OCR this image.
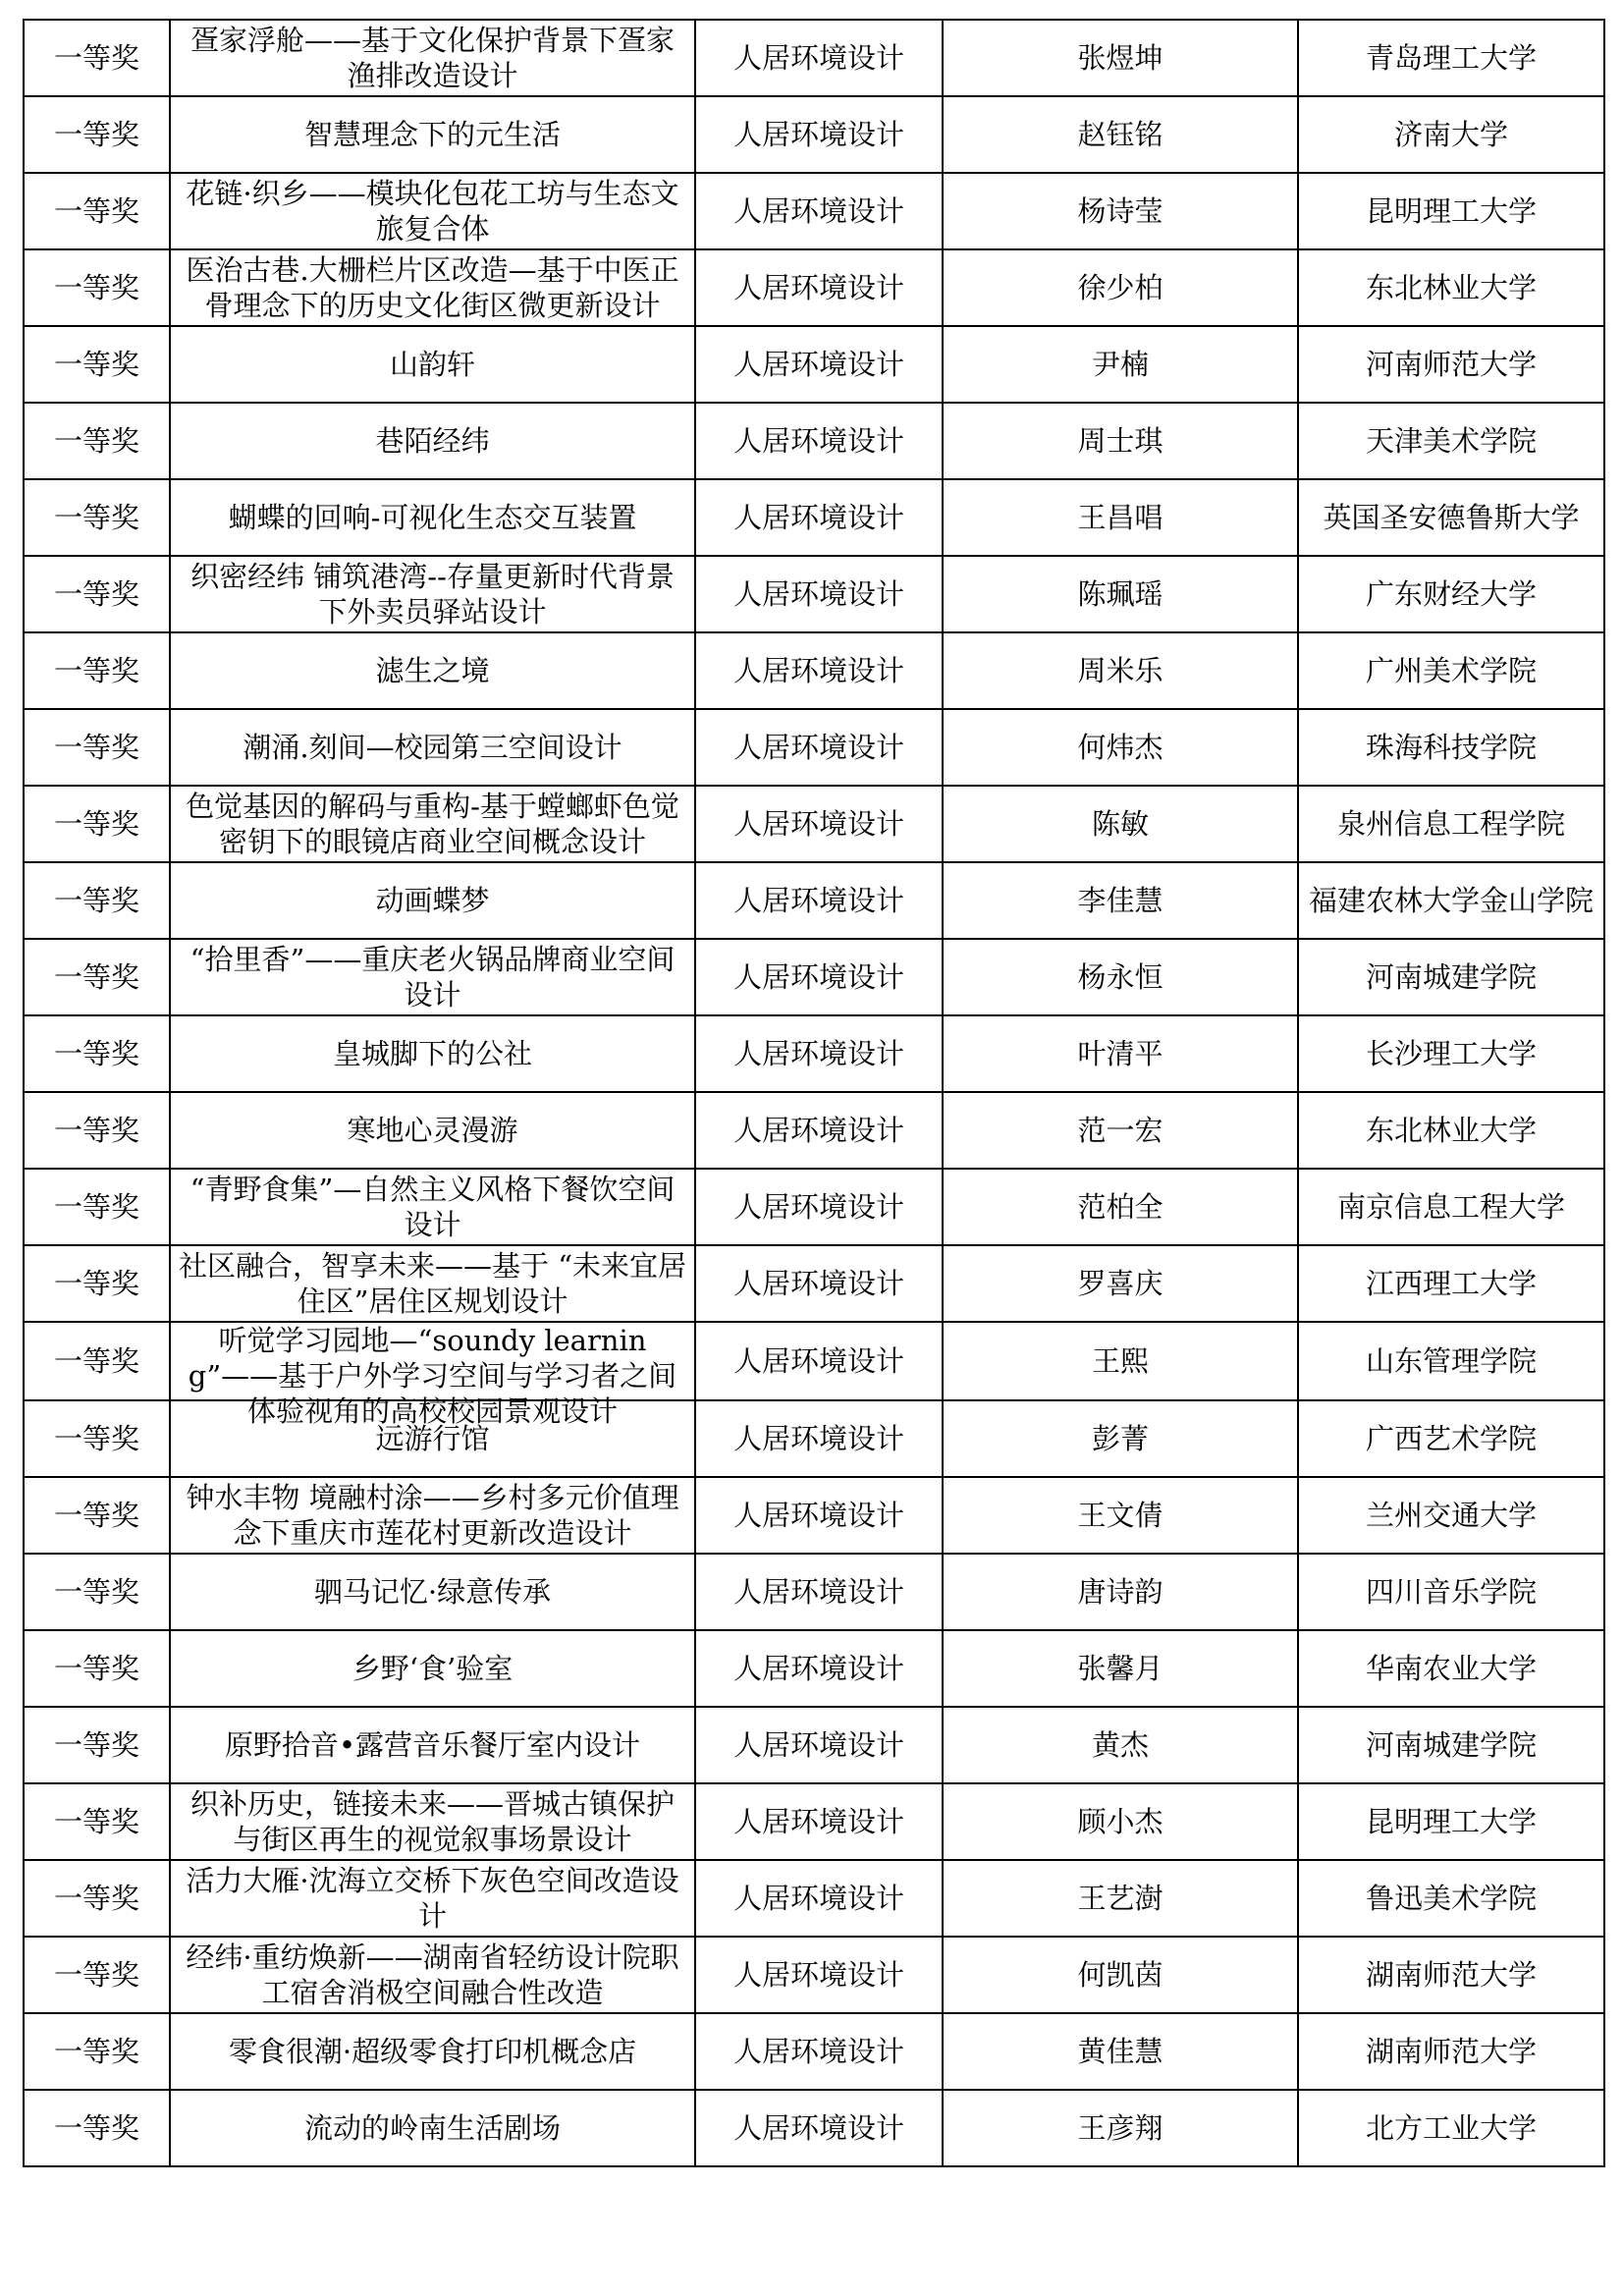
一等奖	疍家浮舱——基于文化保护背景下疍家渔排改造设计	人居环境设计	张煜坤	青岛理工大学

一等奖	智慧理念下的元生活	人居环境设计	赵钰铭	济南大学

一等奖	花链·织乡——模块化包花工坊与生态文旅复合体	人居环境设计	杨诗莹	昆明理工大学

一等奖	医治古巷.大栅栏片区改造—基于中医正骨理念下的历史文化街区微更新设计	人居环境设计	徐少柏	东北林业大学

一等奖	山韵轩	人居环境设计	尹楠	河南师范大学

一等奖	巷陌经纬	人居环境设计	周士琪	天津美术学院

一等奖	蝴蝶的回响-可视化生态交互装置	人居环境设计	王昌唱	英国圣安德鲁斯大学

一等奖	织密经纬 铺筑港湾--存量更新时代背景下外卖员驿站设计	人居环境设计	陈珮瑶	广东财经大学

一等奖	滤生之境	人居环境设计	周米乐	广州美术学院

一等奖	潮涌.刻间—校园第三空间设计	人居环境设计	何炜杰	珠海科技学院

一等奖	色觉基因的解码与重构-基于螳螂虾色觉密钥下的眼镜店商业空间概念设计	人居环境设计	陈敏	泉州信息工程学院

一等奖	动画蝶梦	人居环境设计	李佳慧	福建农林大学金山学院

一等奖	“拾里香”——重庆老火锅品牌商业空间设计	人居环境设计	杨永恒	河南城建学院

一等奖	皇城脚下的公社	人居环境设计	叶清平	长沙理工大学

一等奖	寒地心灵漫游	人居环境设计	范一宏	东北林业大学

一等奖	“青野食集”—自然主义风格下餐饮空间设计	人居环境设计	范柏全	南京信息工程大学

一等奖	社区融合，智享未来——基于 “未来宜居住区”居住区规划设计	人居环境设计	罗喜庆	江西理工大学

一等奖	听觉学习园地—“soundy learning”——基于户外学习空间与学习者之间体验视角的高校校园景观设计	人居环境设计	王熙	山东管理学院

一等奖	远游行馆	人居环境设计	彭菁	广西艺术学院

一等奖	钟水丰物 境融村涂——乡村多元价值理念下重庆市莲花村更新改造设计	人居环境设计	王文倩	兰州交通大学

一等奖	驷马记忆·绿意传承	人居环境设计	唐诗韵	四川音乐学院

一等奖	乡野‘食’验室	人居环境设计	张馨月	华南农业大学

一等奖	原野拾音•露营音乐餐厅室内设计	人居环境设计	黄杰	河南城建学院

一等奖	织补历史，链接未来——晋城古镇保护与街区再生的视觉叙事场景设计	人居环境设计	顾小杰	昆明理工大学

一等奖	活力大雁·沈海立交桥下灰色空间改造设计	人居环境设计	王艺澍	鲁迅美术学院

一等奖	经纬·重纺焕新——湖南省轻纺设计院职工宿舍消极空间融合性改造	人居环境设计	何凯茵	湖南师范大学

一等奖	零食很潮·超级零食打印机概念店	人居环境设计	黄佳慧	湖南师范大学

一等奖	流动的岭南生活剧场	人居环境设计	王彦翔	北方工业大学
